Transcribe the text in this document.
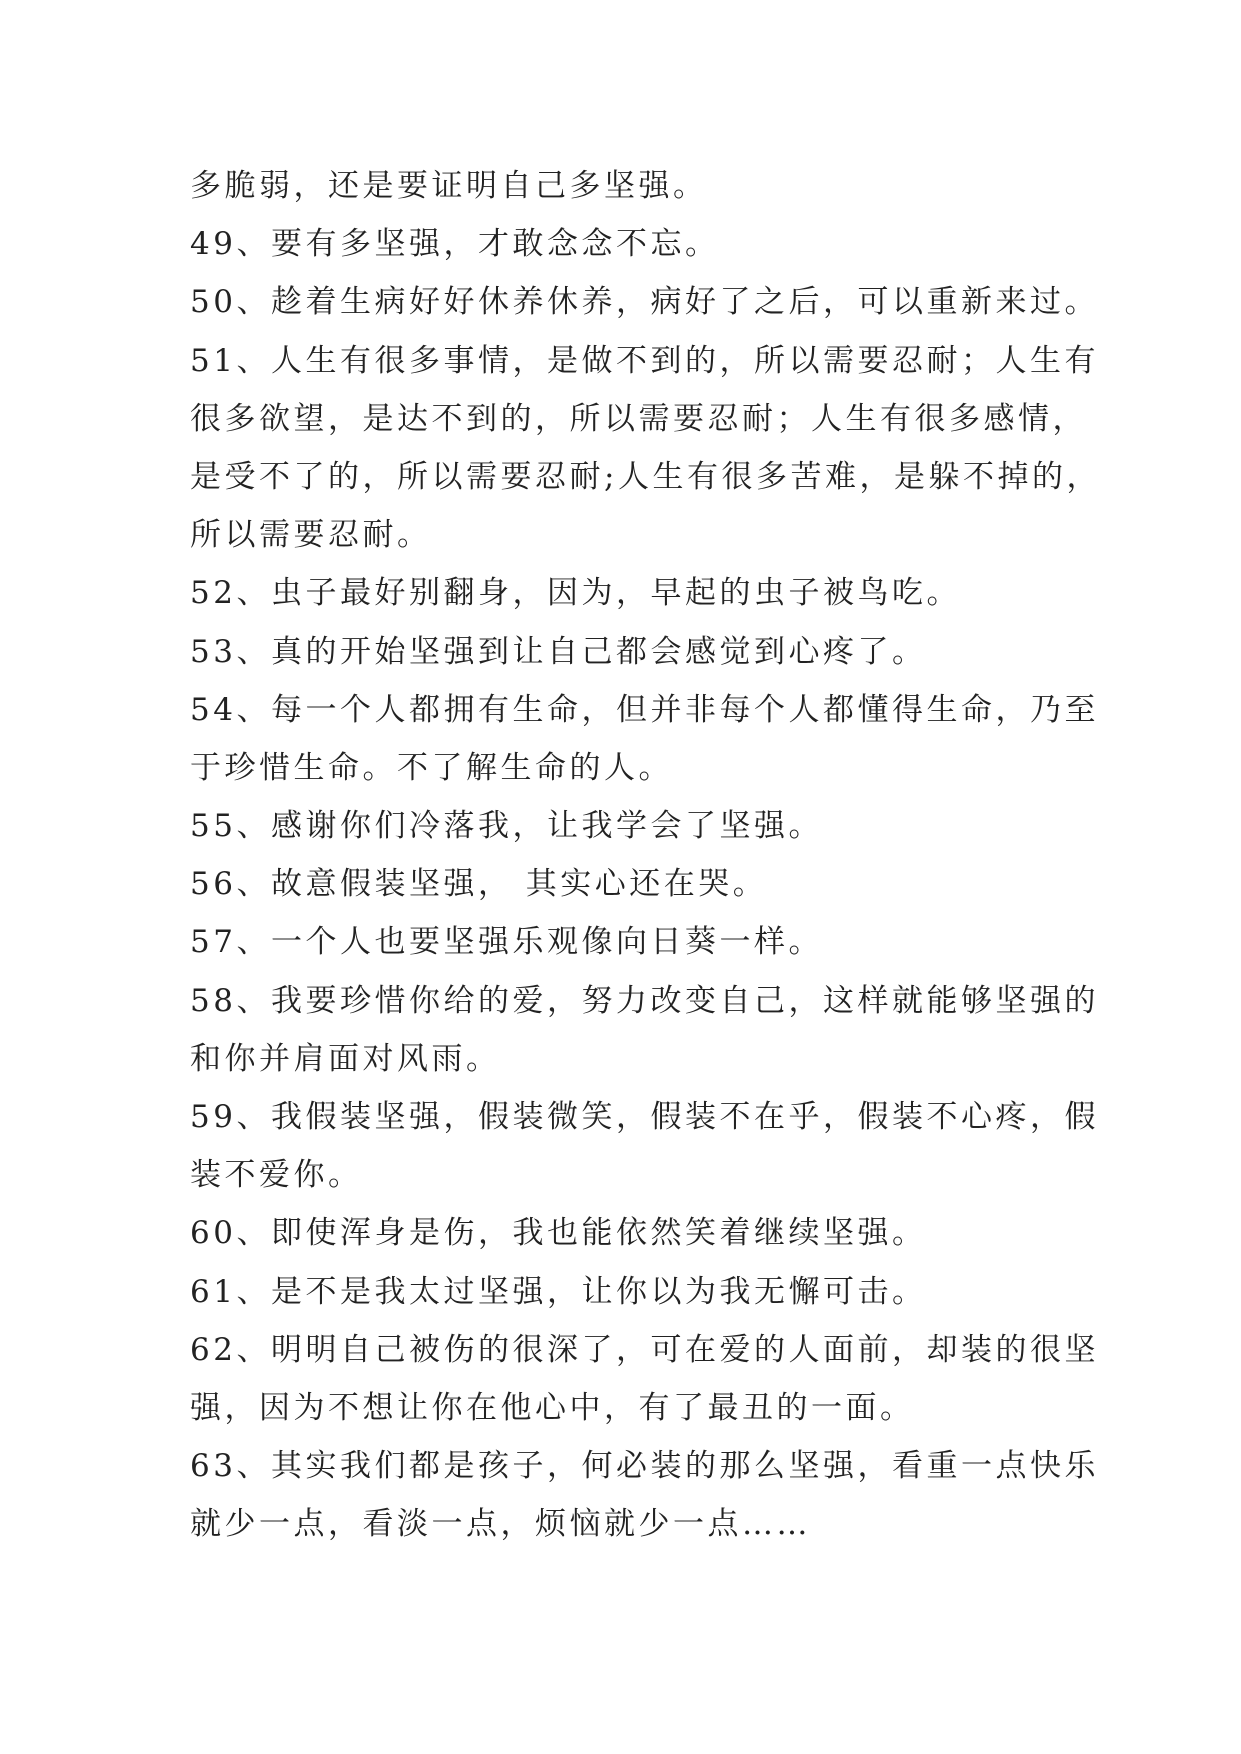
多脆弱，还是要证明自己多坚强。
49、要有多坚强，才敢念念不忘。
50、趁着生病好好休养休养，病好了之后，可以重新来过。
51、人生有很多事情，是做不到的，所以需要忍耐；人生有
很多欲望，是达不到的，所以需要忍耐；人生有很多感情，
是受不了的，所以需要忍耐;人生有很多苦难，是躲不掉的，
所以需要忍耐。
52、虫子最好别翻身，因为，早起的虫子被鸟吃。
53、真的开始坚强到让自己都会感觉到心疼了。
54、每一个人都拥有生命，但并非每个人都懂得生命，乃至
于珍惜生命。不了解生命的人。
55、感谢你们冷落我，让我学会了坚强。
56、故意假装坚强， 其实心还在哭。
57、一个人也要坚强乐观像向日葵一样。
58、我要珍惜你给的爱，努力改变自己，这样就能够坚强的
和你并肩面对风雨。
59、我假装坚强，假装微笑，假装不在乎，假装不心疼，假
装不爱你。
60、即使浑身是伤，我也能依然笑着继续坚强。
61、是不是我太过坚强，让你以为我无懈可击。
62、明明自己被伤的很深了，可在爱的人面前，却装的很坚
强，因为不想让你在他心中，有了最丑的一面。
63、其实我们都是孩子，何必装的那么坚强，看重一点快乐
就少一点，看淡一点，烦恼就少一点……
